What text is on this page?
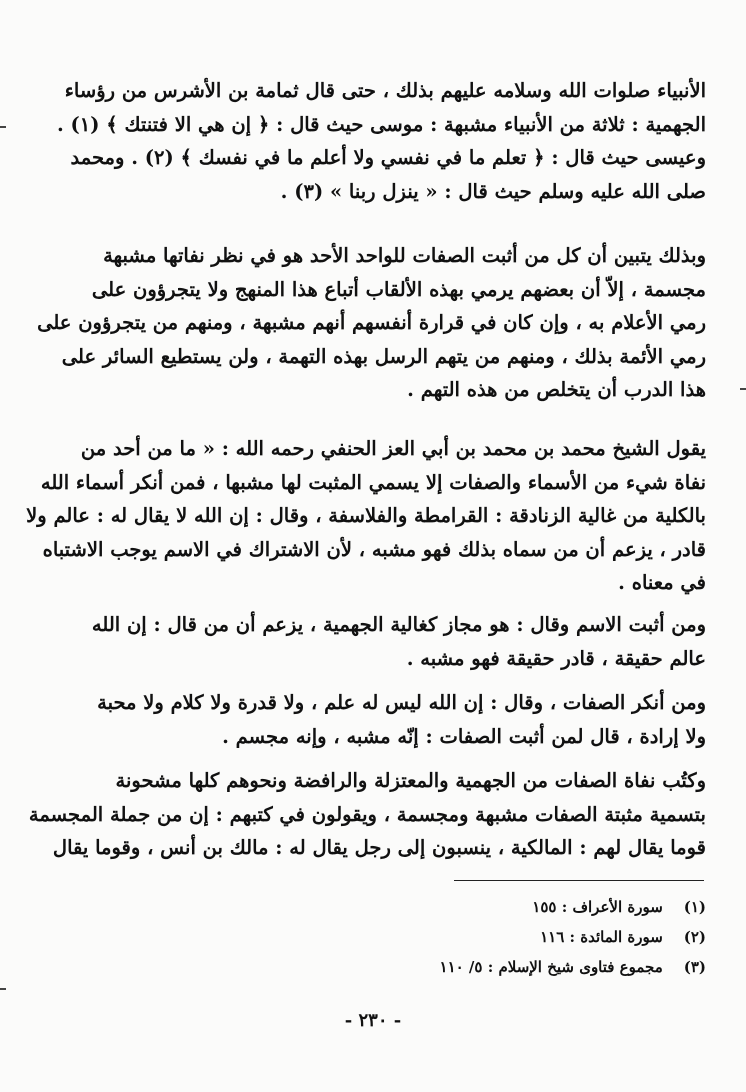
الأنبياء صلوات الله وسلامه عليهم بذلك ، حتى قال ثمامة بن الأشرس من رؤساء
الجهمية : ثلاثة من الأنبياء مشبهة : موسى حيث قال : ﴿ إن هي الا فتنتك ﴾ (١) .
وعيسى حيث قال : ﴿ تعلم ما في نفسي ولا أعلم ما في نفسك ﴾ (٢) . ومحمد
صلى الله عليه وسلم حيث قال : « ينزل ربنا » (٣) .
وبذلك يتبين أن كل من أثبت الصفات للواحد الأحد هو في نظر نفاتها مشبهة
مجسمة ، إلاّ أن بعضهم يرمي بهذه الألقاب أتباع هذا المنهج ولا يتجرؤون على
رمي الأعلام به ، وإن كان في قرارة أنفسهم أنهم مشبهة ، ومنهم من يتجرؤون على
رمي الأئمة بذلك ، ومنهم من يتهم الرسل بهذه التهمة ، ولن يستطيع السائر على
هذا الدرب أن يتخلص من هذه التهم .
يقول الشيخ محمد بن محمد بن أبي العز الحنفي رحمه الله : « ما من أحد من
نفاة شيء من الأسماء والصفات إلا يسمي المثبت لها مشبها ، فمن أنكر أسماء الله
بالكلية من غالية الزنادقة : القرامطة والفلاسفة ، وقال : إن الله لا يقال له : عالم ولا
قادر ، يزعم أن من سماه بذلك فهو مشبه ، لأن الاشتراك في الاسم يوجب الاشتباه
في معناه .
ومن أثبت الاسم وقال : هو مجاز كغالية الجهمية ، يزعم أن من قال : إن الله
عالم حقيقة ، قادر حقيقة فهو مشبه .
ومن أنكر الصفات ، وقال : إن الله ليس له علم ، ولا قدرة ولا كلام ولا محبة
ولا إرادة ، قال لمن أثبت الصفات : إنّه مشبه ، وإنه مجسم .
وكتُب نفاة الصفات من الجهمية والمعتزلة والرافضة ونحوهم كلها مشحونة
بتسمية مثبتة الصفات مشبهة ومجسمة ، ويقولون في كتبهم : إن من جملة المجسمة
قوما يقال لهم : المالكية ، ينسبون إلى رجل يقال له : مالك بن أنس ، وقوما يقال
(١) سورة الأعراف : ١٥٥
(٢) سورة المائدة : ١١٦
(٣) مجموع فتاوى شيخ الإسلام : ٥/ ١١٠
- ٢٣٠ -
